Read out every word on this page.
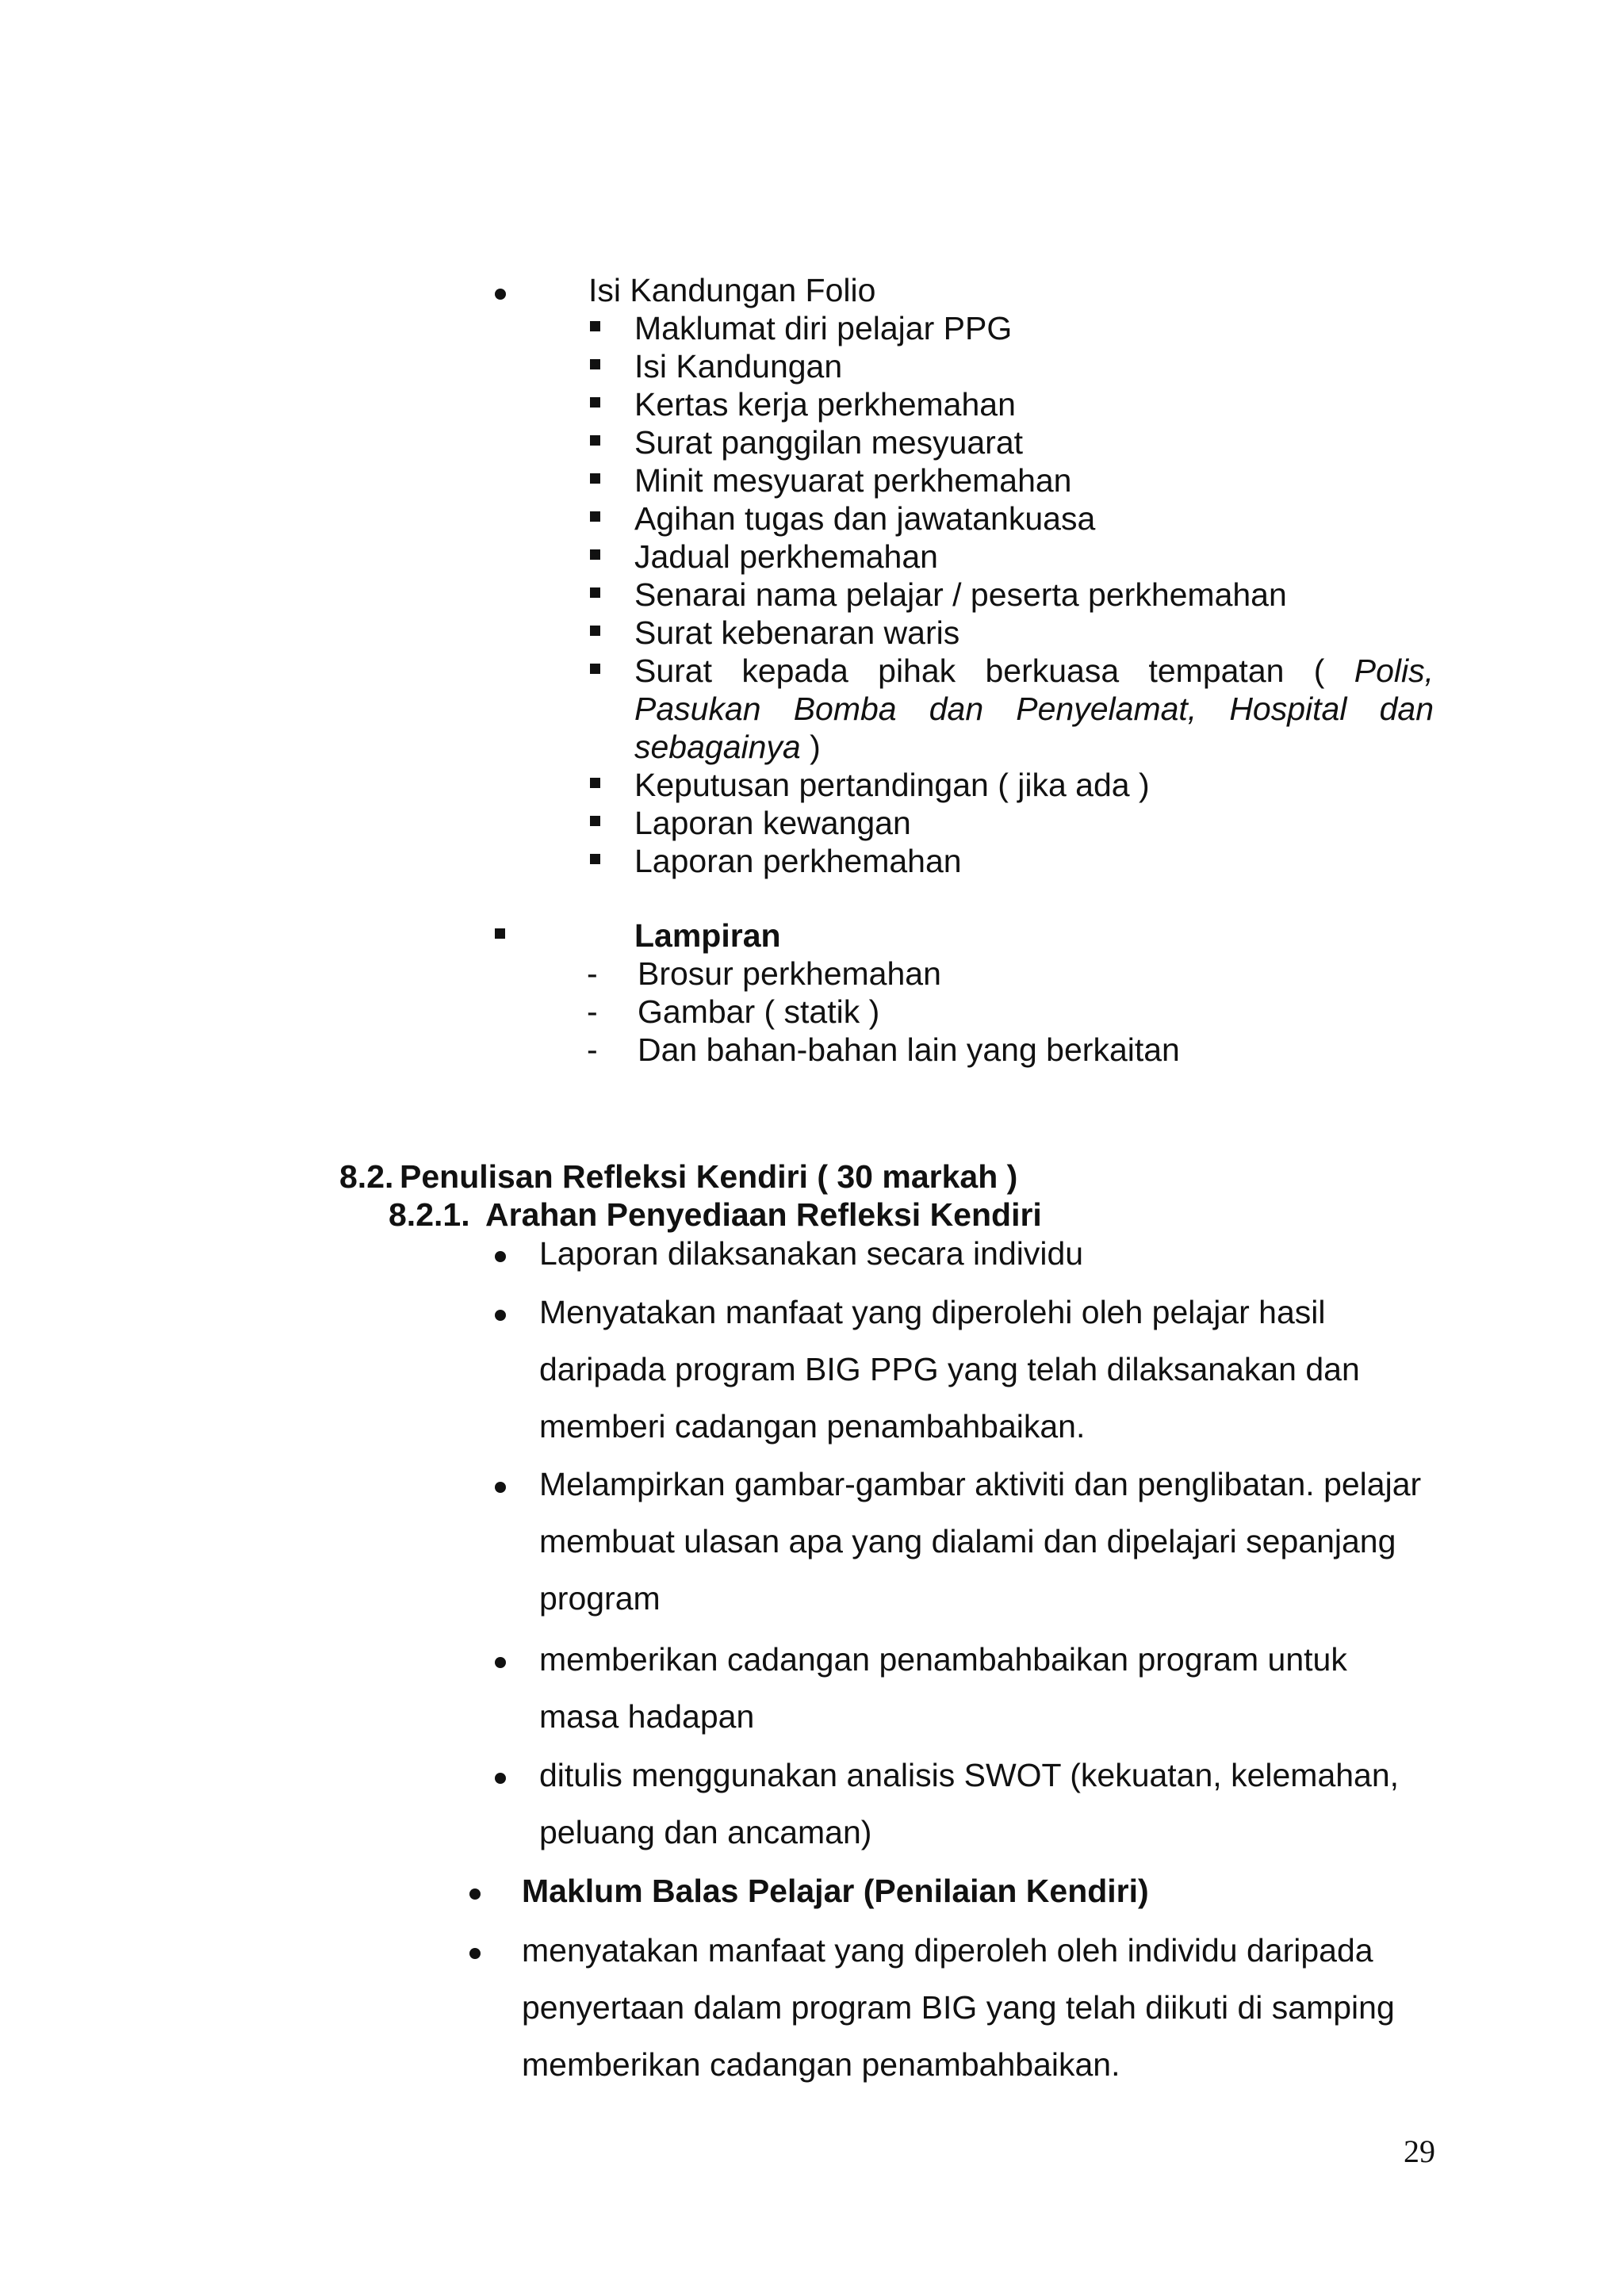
Isi Kandungan Folio
Maklumat diri pelajar PPG
Isi Kandungan
Kertas kerja perkhemahan
Surat panggilan mesyuarat
Minit mesyuarat perkhemahan
Agihan tugas dan jawatankuasa
Jadual perkhemahan
Senarai nama pelajar / peserta perkhemahan
Surat kebenaran waris
Surat kepada pihak berkuasa tempatan ( Polis,
Pasukan Bomba dan Penyelamat, Hospital dan
sebagainya )
Keputusan pertandingan ( jika ada )
Laporan kewangan
Laporan perkhemahan
Lampiran
- Brosur perkhemahan
- Gambar ( statik )
- Dan bahan-bahan lain yang berkaitan
8.2. Penulisan Refleksi Kendiri ( 30 markah )
8.2.1. Arahan Penyediaan Refleksi Kendiri
Laporan dilaksanakan secara individu
Menyatakan manfaat yang diperolehi oleh pelajar hasil
daripada program BIG PPG yang telah dilaksanakan dan
memberi cadangan penambahbaikan.
Melampirkan gambar-gambar aktiviti dan penglibatan. pelajar
membuat ulasan apa yang dialami dan dipelajari sepanjang
program
memberikan cadangan penambahbaikan program untuk
masa hadapan
ditulis menggunakan analisis SWOT (kekuatan, kelemahan,
peluang dan ancaman)
Maklum Balas Pelajar (Penilaian Kendiri)
menyatakan manfaat yang diperoleh oleh individu daripada
penyertaan dalam program BIG yang telah diikuti di samping
memberikan cadangan penambahbaikan.
29
